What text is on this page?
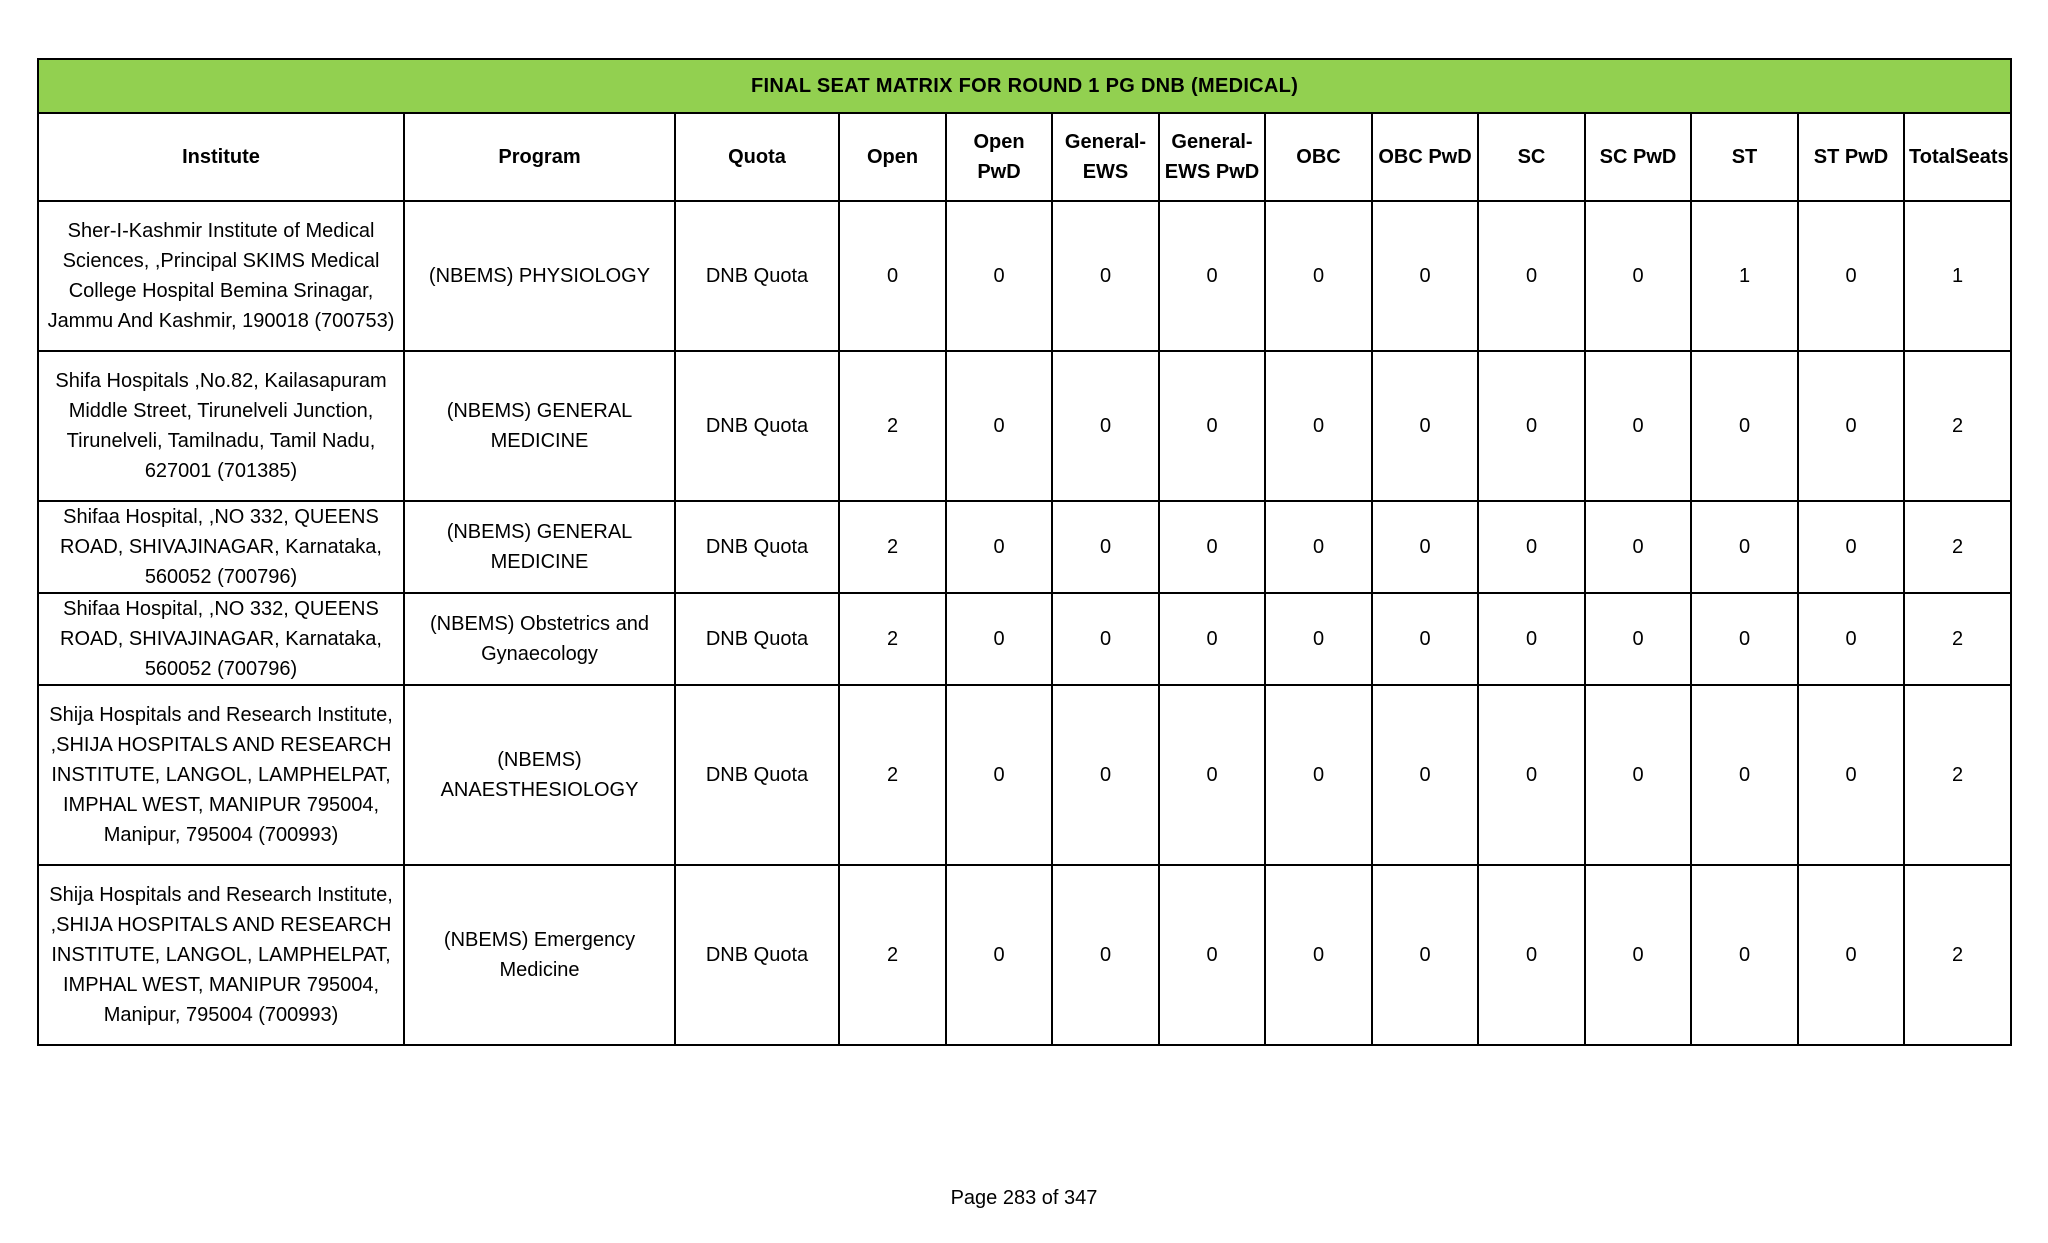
FINAL SEAT MATRIX FOR ROUND 1 PG DNB (MEDICAL)													
Institute	Program	Quota	Open	Open PwD	General-EWS	General-EWS PwD	OBC	OBC PwD	SC	SC PwD	ST	ST PwD	TotalSeats
Sher-I-Kashmir Institute of Medical Sciences, ,Principal SKIMS Medical College Hospital Bemina Srinagar, Jammu And Kashmir, 190018 (700753)	(NBEMS) PHYSIOLOGY	DNB Quota	0	0	0	0	0	0	0	0	1	0	1
Shifa Hospitals ,No.82, Kailasapuram Middle Street, Tirunelveli Junction, Tirunelveli, Tamilnadu, Tamil Nadu, 627001 (701385)	(NBEMS) GENERAL MEDICINE	DNB Quota	2	0	0	0	0	0	0	0	0	0	2
Shifaa Hospital, ,NO 332, QUEENS ROAD, SHIVAJINAGAR, Karnataka, 560052 (700796)	(NBEMS) GENERAL MEDICINE	DNB Quota	2	0	0	0	0	0	0	0	0	0	2
Shifaa Hospital, ,NO 332, QUEENS ROAD, SHIVAJINAGAR, Karnataka, 560052 (700796)	(NBEMS) Obstetrics and Gynaecology	DNB Quota	2	0	0	0	0	0	0	0	0	0	2
Shija Hospitals and Research Institute, ,SHIJA HOSPITALS AND RESEARCH INSTITUTE, LANGOL, LAMPHELPAT, IMPHAL WEST, MANIPUR 795004, Manipur, 795004 (700993)	(NBEMS) ANAESTHESIOLOGY	DNB Quota	2	0	0	0	0	0	0	0	0	0	2
Shija Hospitals and Research Institute, ,SHIJA HOSPITALS AND RESEARCH INSTITUTE, LANGOL, LAMPHELPAT, IMPHAL WEST, MANIPUR 795004, Manipur, 795004 (700993)	(NBEMS) Emergency Medicine	DNB Quota	2	0	0	0	0	0	0	0	0	0	2
Page 283 of 347
